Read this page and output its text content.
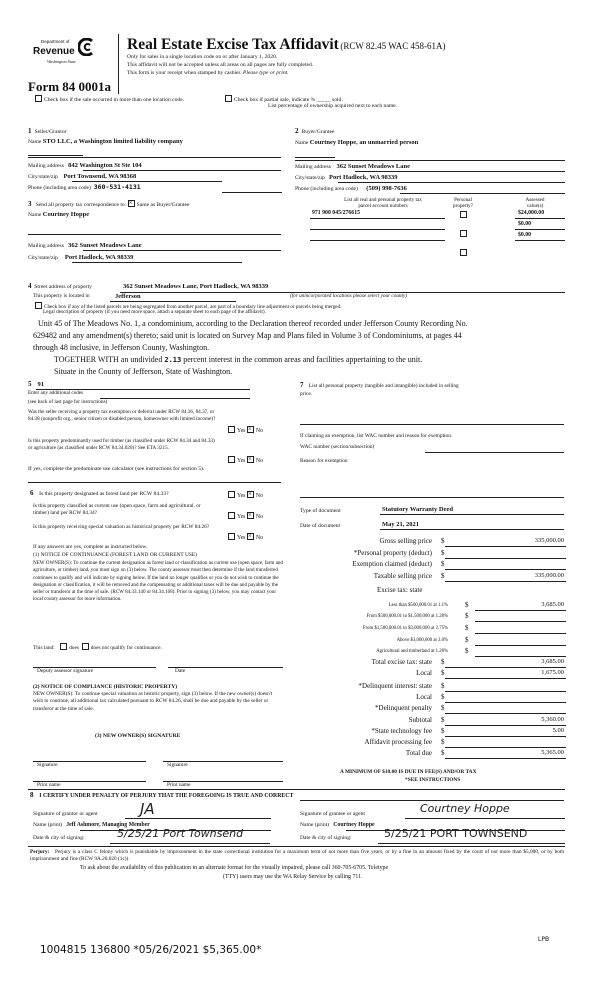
Department of
Revenue
Washington State
Form 84 0001a
Real Estate Excise Tax Affidavit (RCW 82.45 WAC 458-61A)
Only for sales in a single location code on or after January 1, 2020.
This affidavit will not be accepted unless all areas on all pages are fully completed.
This form is your receipt when stamped by cashier. Please type or print.
Check box if the sale occurred in more than one location code.	Check box if partial sale, indicate % _____ sold.
List percentage of ownership acquired next to each name.
1 Seller/Grantor
Name STO LLC, a Washington limited liability company
Mailing address 842 Washington St Ste 104
City/state/zip Port Townsend, WA 98368
Phone (including area code) 360-531-4131
3 Send all property tax correspondence to: × Same as Buyer/Grantee
Name Courtney Hoppe
Mailing address 362 Sunset Meadows Lane
City/state/zip Port Hadlock, WA 98339
2 Buyer/Grantee
Name Courtney Hoppe, an unmarried person
Mailing address 362 Sunset Meadows Lane
City/state/zip Port Hadlock, WA 98339
Phone (including area code) (509) 998-7636
List all real and personal property tax
parcel account numbers
Personal
property?
Assessed
value(s)
971 900 045/276615	$24,000.00
$0.00
$0.00
4 Street address of property	362 Sunset Meadows Lane, Port Hadlock, WA 98339
This property is located in	Jefferson	(for unincorporated locations please select your county)
Check box if any of the listed parcels are being segregated from another parcel, are part of a boundary line adjustment or parcels being merged.
Legal description of property (if you need more space, attach a separate sheet to each page of the affidavit).
Unit 45 of The Meadows No. 1, a condominium, according to the Declaration thereof recorded under Jefferson County Recording No.
629482 and any amendment(s) thereto; said unit is located on Survey Map and Plans filed in Volume 3 of Condominiums, at pages 44
through 48 inclusive, in Jefferson County, Washington.
TOGETHER WITH an undivided 2.13 percent interest in the common areas and facilities appertaining to the unit.
Situate in the County of Jefferson, State of Washington.
5 91
Enter any additional codes
(see back of last page for instructions)
Was the seller receiving a property tax exemption or deferral under RCW 84.36, 84.37, or 84.38 (nonprofit org., senior citizen or disabled person, homeowner with limited income)?
Yes × No
Is this property predominantly used for timber (as classified under RCW 84.34 and 84.33) or agriculture (as classified under RCW 84.34.020)? See ETA 3215.
Yes × No
If yes, complete the predominate use calculator (see instructions for section 5).
6 Is this property designated as forest land per RCW 84.33?	Yes × No
Is this property classified as current use (open space, farm and agricultural, or timber) land per RCW 84.34?
Yes × No
Is this property receiving special valuation as historical property per RCW 84.26?
Yes × No
If any answers are yes, complete as instructed below.
(1) NOTICE OF CONTINUANCE (FOREST LAND OR CURRENT USE)
NEW OWNER(S): To continue the current designation as forest land or classification as current use (open space, farm and agriculture, or timber) land, you must sign on (3) below. The county assessor must then determine if the land transferred continues to qualify and will indicate by signing below. If the land no longer qualifies or you do not wish to continue the designation or classification, it will be removed and the compensating or additional taxes will be due and payable by the seller or transferor at the time of sale. (RCW 84.33.140 or 84.34.108). Prior to signing (3) below, you may contact your local county assessor for more information.
This land:	does does not qualify for continuance.
Deputy assessor signature	Date
(2) NOTICE OF COMPLIANCE (HISTORIC PROPERTY)
NEW OWNER(S): To continue special valuation as historic property, sign (3) below. If the new owner(s) doesn't wish to continue, all additional tax calculated pursuant to RCW 84.26, shall be due and payable by the seller or transferor at the time of sale.
(3) NEW OWNER(S) SIGNATURE
Signature	Signature
Print name	Print name
7 List all personal property (tangible and intangible) included in selling
price.
If claiming an exemption, list WAC number and reason for exemption.
WAC number (section/subsection)
Reason for exemption
Type of document	Statutory Warranty Deed
Date of document	May 21, 2021
Gross selling price $	335,000.00
*Personal property (deduct) $
Exemption claimed (deduct) $
Taxable selling price $	335,000.00
Less than $500,000.01 at 1.1% $	3,685.00
From $500,000.01 to $1,500,000 at 1.28% $
From $1,500,000.01 to $3,000,000 at 2.75% $
Above $3,000,000 at 3.0% $
Agricultural and timberland at 1.28% $
Total excise tax: state $	3,685.00
Local $	1,675.00
*Delinquent interest: state $
Local $
*Delinquent penalty $
Subtotal $	5,360.00
*State technology fee $	5.00
Affidavit processing fee $
Total due $	5,365.00
Excise tax: state
A MINIMUM OF $10.00 IS DUE IN FEE(S) AND/OR TAX
*SEE INSTRUCTIONS
8 I CERTIFY UNDER PENALTY OF PERJURY THAT THE FOREGOING IS TRUE AND CORRECT
Signature of grantor or agent	JA
Name (print) Jeff Ashmore, Managing Member
Date & city of signing:	5/25/21 Port Townsend
Signature of grantee or agent	Courtney Hoppe
Name (print) Courtney Hoppe
Date & city of signing:	5/25/21 PORT TOWNSEND
Perjury: Perjury is a class C felony which is punishable by imprisonment in the state correctional institution for a maximum term of not more than five years, or by a fine in an amount fixed by the court of not more than $5,000, or by both imprisonment and fine (RCW 9A.20.020 (1c)).
To ask about the availability of this publication in an alternate format for the visually impaired, please call 360-705-6705. Teletype
(TTY) users may use the WA Relay Service by calling 711.
1004815 136800 *05/26/2021 $5,365.00*
LPB
